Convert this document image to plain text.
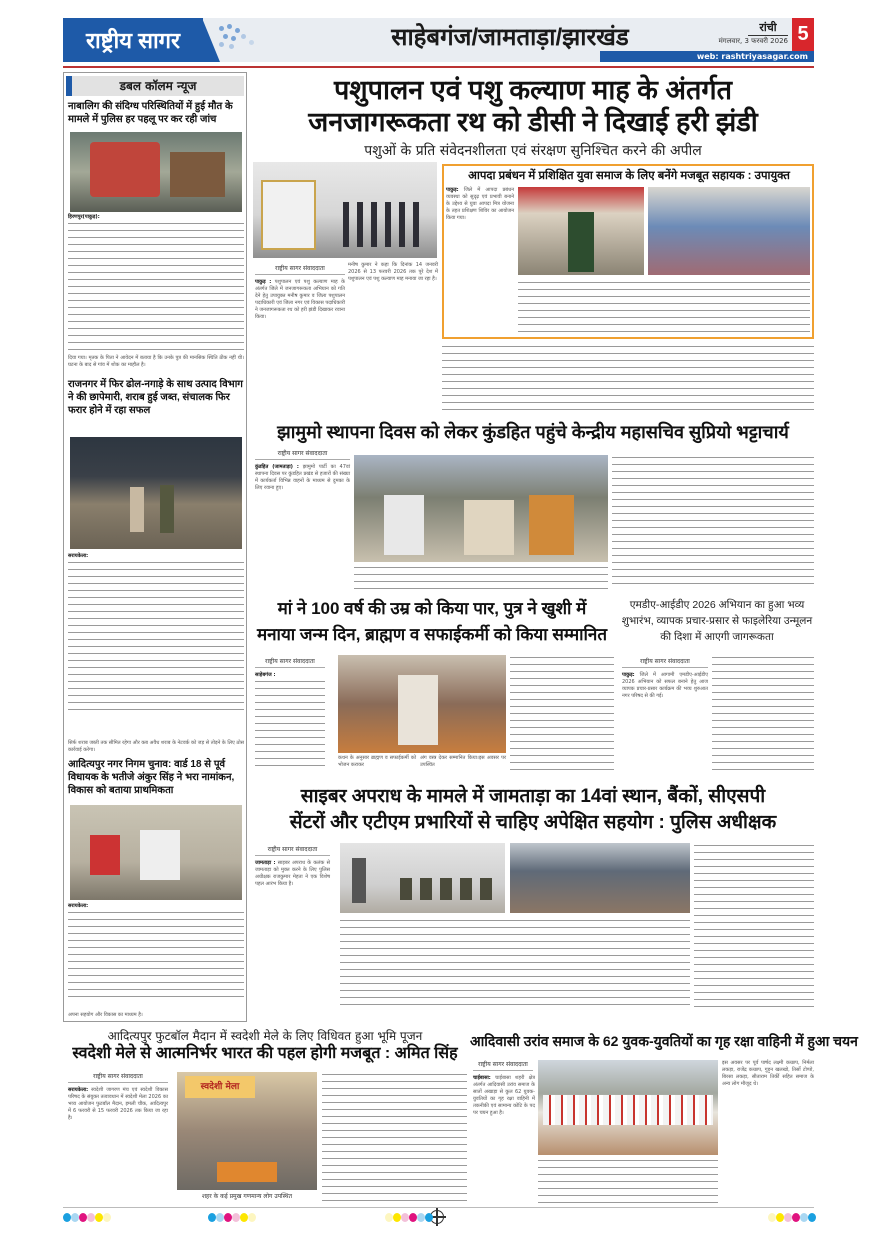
राष्ट्रीय सागर	साहेबगंज/जामताड़ा/झारखंड	रांची
मंगलवार, 3 फरवरी 2026 5
web: rashtriyasagar.com
डबल कॉलम न्यूज
नाबालिग की संदिग्ध परिस्थितियों में हुई मौत के मामले में पुलिस हर पहलू पर कर रही जांच
हिरणपुर(पाकुड़):
दिया गया। मृतक के पिता ने आवेदन में बताया है कि उनके पुत्र की मानसिक स्थिति ठीक नहीं थी। घटना के बाद से गांव में शोक का माहौल है।
राजनगर में फिर ढोल-नगाड़े के साथ उत्पाद विभाग ने की छापेमारी, शराब हुई जब्त, संचालक फिर फरार होने में रहा सफल
सरायकेला:
सिर्फ शराब जब्ती तक सीमित रहेगा और कब अवैध शराब के नेटवर्क को जड़ से तोड़ने के लिए ठोस कार्रवाई करेगा।
आदित्यपुर नगर निगम चुनाव: वार्ड 18 से पूर्व विधायक के भतीजे अंकुर सिंह ने भरा नामांकन, विकास को बताया प्राथमिकता
सरायकेला:
अपना सहयोग और विकास का माध्यम है।
पशुपालन एवं पशु कल्याण माह के अंतर्गत
जनजागरूकता रथ को डीसी ने दिखाई हरी झंडी
पशुओं के प्रति संवेदनशीलता एवं संरक्षण सुनिश्चित करने की अपील
राष्ट्रीय सागर संवाददाता
पाकुड़ : पशुपालन एवं पशु कल्याण माह के अंतर्गत जिले में जनजागरूकता अभियान को गति देने हेतु उपायुक्त मनीष कुमार व जिला पशुपालन पदाधिकारी एवं जिला नगर एवं विकास पदाधिकारी ने जनजागरूकता रथ को हरी झंडी दिखाकर रवाना किया।
मनीष कुमार ने कहा कि दिनांक 14 जनवरी 2026 से 13 फरवरी 2026 तक पूरे देश में पशुपालन एवं पशु कल्याण माह मनाया जा रहा है।
आपदा प्रबंधन में प्रशिक्षित युवा समाज के लिए बनेंगे मजबूत सहायक : उपायुक्त
पाकुड़: जिले में आपदा प्रबंधन व्यवस्था को सुदृढ़ एवं प्रभावी बनाने के उद्देश्य से युवा आपदा मित्र योजना के तहत प्रशिक्षण शिविर का आयोजन किया गया।
झामुमो स्थापना दिवस को लेकर कुंडहित पहुंचे केन्द्रीय महासचिव सुप्रियो भट्टाचार्य
राष्ट्रीय सागर संवाददाता
कुंडहित (जामताड़ा) : झामुमो पार्टी का 47वां स्थापना दिवस पर कुंडहित प्रखंड से हजारों की संख्या में कार्यकर्ता विभिन्न वाहनों के माध्यम से दुमका के लिए रवाना हुए।
मां ने 100 वर्ष की उम्र को किया पार, पुत्र ने खुशी में
मनाया जन्म दिन, ब्राह्मण व सफाईकर्मी को किया सम्मानित
राष्ट्रीय सागर संवाददाता
साहेबगंज :
कथन के अनुसार ब्राह्मण व सफाईकर्मी को भोजन कराकर
अंग वस्त्र देकर सम्मानित किया।इस अवसर पर उपस्थित
एमडीए-आईडीए 2026 अभियान का हुआ भव्य शुभारंभ, व्यापक प्रचार-प्रसार से फाइलेरिया उन्मूलन की दिशा में आएगी जागरूकता
राष्ट्रीय सागर संवाददाता
पाकुड़: जिले में आगामी एमडीए-आईडीए 2026 अभियान को सफल बनाने हेतु आज व्यापक प्रचार-प्रसार कार्यक्रम की भव्य शुरुआत नगर परिषद से की गई।
साइबर अपराध के मामले में जामताड़ा का 14वां स्थान, बैंकों, सीएसपी
सेंटरों और एटीएम प्रभारियों से चाहिए अपेक्षित सहयोग : पुलिस अधीक्षक
राष्ट्रीय सागर संवाददाता
जामताड़ा : साइबर अपराध के कलंक से जामताड़ा को मुक्त करने के लिए पुलिस अधीक्षक राजकुमार मेहता ने एक विशेष पहल आरंभ किया है।
आदित्यपुर फुटबॉल मैदान में स्वदेशी मेले के लिए विधिवत हुआ भूमि पूजन
स्वदेशी मेले से आत्मनिर्भर भारत की पहल होगी मजबूत : अमित सिंह
राष्ट्रीय सागर संवाददाता
सरायकेला: स्वदेशी जागरण मंच एवं स्वदेशी विकास परिषद के संयुक्त तत्वावधान में स्वदेशी मेला 2026 का भव्य आयोजन फुटबॉल मैदान, इमली चौक, आदित्यपुर में 6 फरवरी से 15 फरवरी 2026 तक किया जा रहा है।
स्वदेशी मेला
शहर के कई प्रमुख गणमान्य लोग उपस्थित
आदिवासी उरांव समाज के 62 युवक-युवतियों का गृह रक्षा वाहिनी में हुआ चयन
राष्ट्रीय सागर संवाददाता
चाईबासा: चाईबासा शहरी क्षेत्र अंतर्गत आदिवासी उरांव समाज के सातों अखाड़ा से कुल 62 युवक-युवतियों का गृह रक्षा वाहिनी में तकनीकी एवं सामान्य कोटि के पद पर चयन हुआ है।
इस अवसर पर पूर्व पार्षद लक्ष्मी कच्छप, निर्मला लकड़ा, राजेंद्र कच्छप, गुड़ुन खलखो, तिर्सो टोप्पो, बिरसा लकड़ा, सीताराम तिर्की सहित समाज के अन्य लोग मौजूद थे।
